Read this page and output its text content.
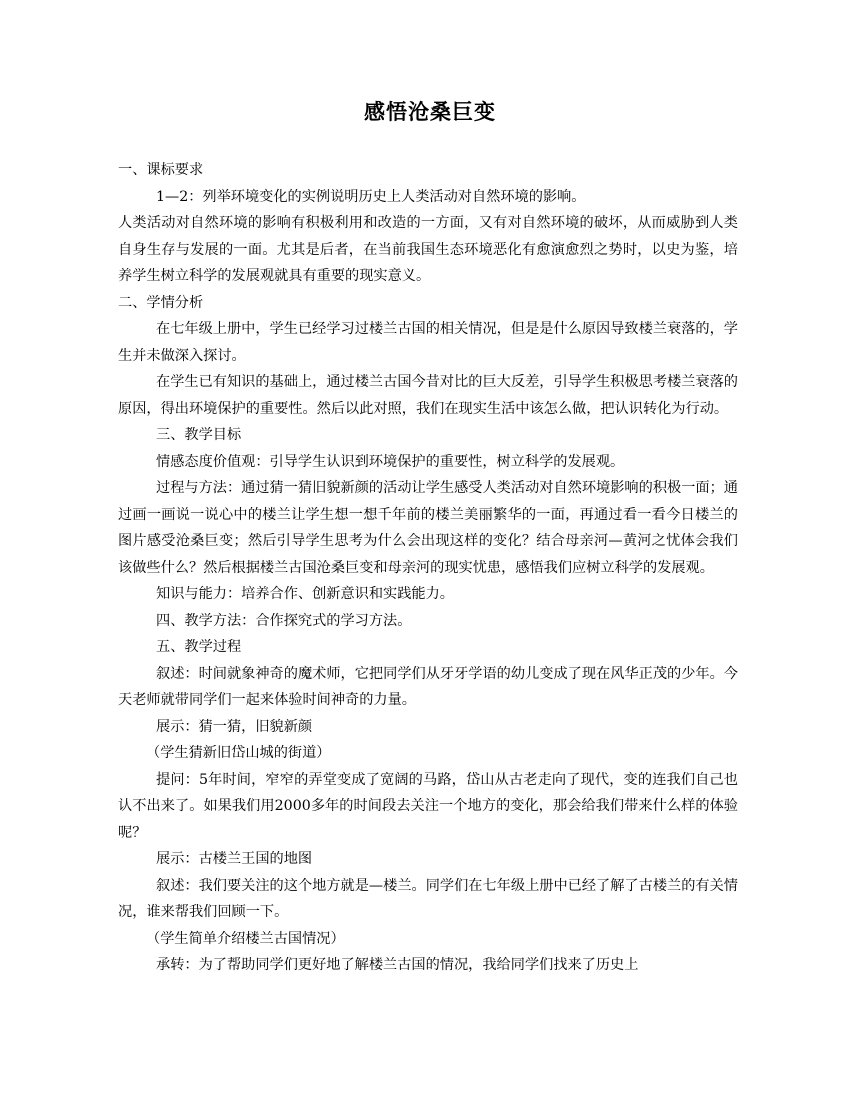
感悟沧桑巨变

一、课标要求

1—2：列举环境变化的实例说明历史上人类活动对自然环境的影响。

人类活动对自然环境的影响有积极利用和改造的一方面，又有对自然环境的破坏，从而威胁到人类自身生存与发展的一面。尤其是后者，在当前我国生态环境恶化有愈演愈烈之势时，以史为鉴，培养学生树立科学的发展观就具有重要的现实意义。

二、学情分析

在七年级上册中，学生已经学习过楼兰古国的相关情况，但是是什么原因导致楼兰衰落的，学生并未做深入探讨。

在学生已有知识的基础上，通过楼兰古国今昔对比的巨大反差，引导学生积极思考楼兰衰落的原因，得出环境保护的重要性。然后以此对照，我们在现实生活中该怎么做，把认识转化为行动。

三、教学目标

情感态度价值观：引导学生认识到环境保护的重要性，树立科学的发展观。

过程与方法：通过猜一猜旧貌新颜的活动让学生感受人类活动对自然环境影响的积极一面；通过画一画说一说心中的楼兰让学生想一想千年前的楼兰美丽繁华的一面，再通过看一看今日楼兰的图片感受沧桑巨变；然后引导学生思考为什么会出现这样的变化？结合母亲河—黄河之忧体会我们该做些什么？然后根据楼兰古国沧桑巨变和母亲河的现实忧患，感悟我们应树立科学的发展观。

知识与能力：培养合作、创新意识和实践能力。

四、教学方法：合作探究式的学习方法。

五、教学过程

叙述：时间就象神奇的魔术师，它把同学们从牙牙学语的幼儿变成了现在风华正茂的少年。今天老师就带同学们一起来体验时间神奇的力量。

展示：猜一猜，旧貌新颜

（学生猜新旧岱山城的街道）

提问：5年时间，窄窄的弄堂变成了宽阔的马路，岱山从古老走向了现代，变的连我们自己也认不出来了。如果我们用2000多年的时间段去关注一个地方的变化，那会给我们带来什么样的体验呢？

展示：古楼兰王国的地图

叙述：我们要关注的这个地方就是—楼兰。同学们在七年级上册中已经了解了古楼兰的有关情况，谁来帮我们回顾一下。

（学生简单介绍楼兰古国情况）

承转：为了帮助同学们更好地了解楼兰古国的情况，我给同学们找来了历史上
